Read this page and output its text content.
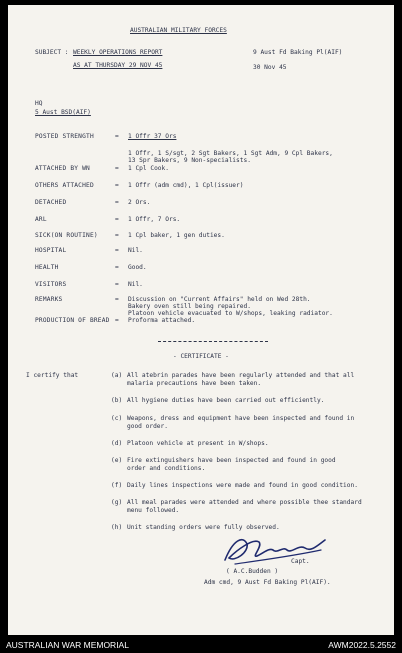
AUSTRALIAN MILITARY FORCES
SUBJECT : WEEKLY OPERATIONS REPORT
AS AT THURSDAY 29 NOV 45
9 Aust Fd Baking Pl(AIF)
30 Nov 45
HQ
5 Aust BSD(AIF)
POSTED STRENGTH	= 1 Offr 37 Ors
1 Offr, 1 S/sgt, 2 Sgt Bakers, 1 Sgt Adm, 9 Cpl Bakers,
13 Spr Bakers, 9 Non-specialists.
ATTACHED BY WN	= 1 Cpl Cook.
OTHERS ATTACHED	= 1 Offr (adm cmd), 1 Cpl(issuer)
DETACHED	= 2 Ors.
ARL	= 1 Offr, 7 Ors.
SICK(ON ROUTINE)	= 1 Cpl baker, 1 gen duties.
HOSPITAL	= Nil.
HEALTH	= Good.
VISITORS	= Nil.
REMARKS	= Discussion on "Current Affairs" held on Wed 28th.
Bakery oven still being repaired.
Platoon vehicle evacuated to W/shops, leaking radiator.
PRODUCTION OF BREAD = Proforma attached.
- CERTIFICATE -
I certify that	(a) All atebrin parades have been regularly attended and that all
malaria precautions have been taken.
(b) All hygiene duties have been carried out efficiently.
(c) Weapons, dress and equipment have been inspected and found in
good order.
(d) Platoon vehicle at present in W/shops.
(e) Fire extinguishers have been inspected and found in good
order and conditions.
(f) Daily lines inspections were made and found in good condition.
(g) All meal parades were attended and where possible thee standard
menu followed.
(h) Unit standing orders were fully observed.
Capt.
( A.C.Budden )
Adm cmd, 9 Aust Fd Baking Pl(AIF).
AUSTRALIAN WAR MEMORIAL	AWM2022.5.2552
